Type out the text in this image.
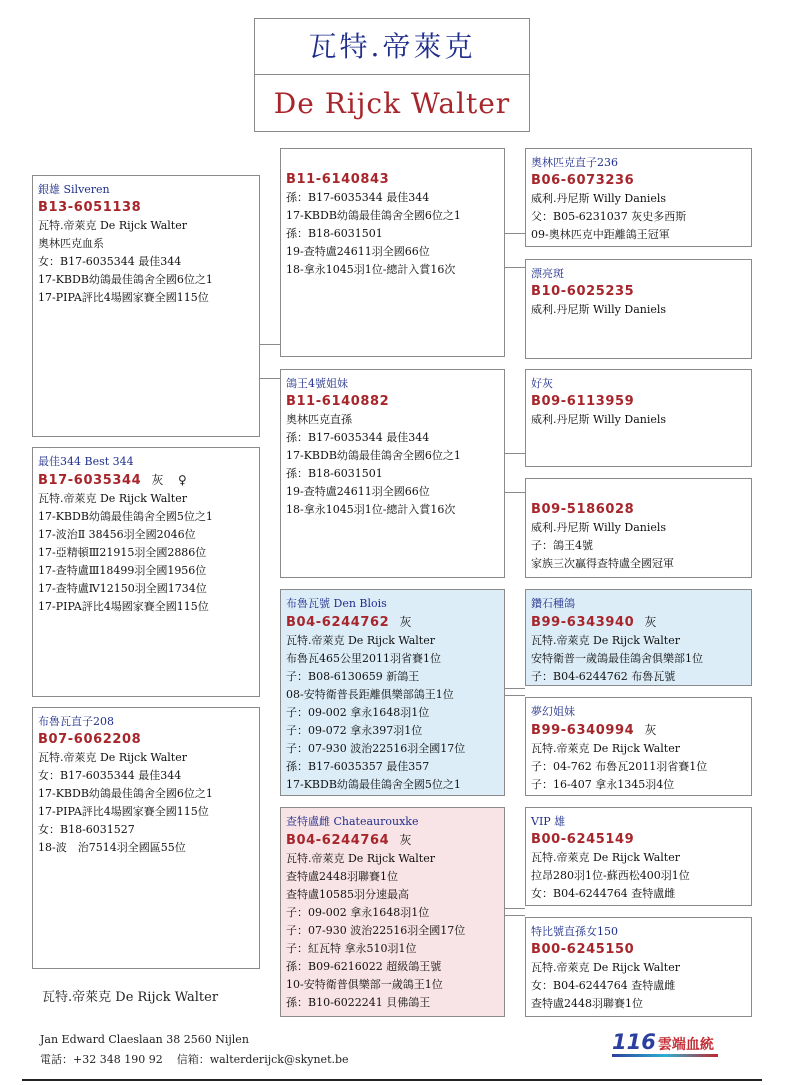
瓦特.帝萊克
De Rijck Walter
銀雄 Silveren
B13-6051138
瓦特.帝萊克 De Rijck Walter
奧林匹克血系
女：B17-6035344 最佳344
17-KBDB幼鴿最佳鴿舍全國6位之1
17-PIPA評比4場國家賽全國115位
最佳344 Best 344
B17-6035344 灰 ♀
瓦特.帝萊克 De Rijck Walter
17-KBDB幼鴿最佳鴿舍全國5位之1
17-波治Ⅱ 38456羽全國2046位
17-亞精頓Ⅲ21915羽全國2886位
17-查特盧Ⅲ18499羽全國1956位
17-查特盧Ⅳ12150羽全國1734位
17-PIPA評比4場國家賽全國115位
布魯瓦直子208
B07-6062208
瓦特.帝萊克 De Rijck Walter
女：B17-6035344 最佳344
17-KBDB幼鴿最佳鴿舍全國6位之1
17-PIPA評比4場國家賽全國115位
女：B18-6031527
18-波　治7514羽全國區55位
B11-6140843
孫：B17-6035344 最佳344
17-KBDB幼鴿最佳鴿舍全國6位之1
孫：B18-6031501
19-查特盧24611羽全國66位
18-拿永1045羽1位-總計入賞16次
鴿王4號姐妹
B11-6140882
奧林匹克直孫
孫：B17-6035344 最佳344
17-KBDB幼鴿最佳鴿舍全國6位之1
孫：B18-6031501
19-查特盧24611羽全國66位
18-拿永1045羽1位-總計入賞16次
布魯瓦號 Den Blois
B04-6244762 灰
瓦特.帝萊克 De Rijck Walter
布魯瓦465公里2011羽省賽1位
子：B08-6130659 新鴿王
08-安特衛普長距離俱樂部鴿王1位
子：09-002 拿永1648羽1位
子：09-072 拿永397羽1位
子：07-930 波治22516羽全國17位
孫：B17-6035357 最佳357
17-KBDB幼鴿最佳鴿舍全國5位之1
查特盧雌 Chateaurouxke
B04-6244764 灰
瓦特.帝萊克 De Rijck Walter
查特盧2448羽聯賽1位
查特盧10585羽分速最高
子：09-002 拿永1648羽1位
子：07-930 波治22516羽全國17位
子：紅瓦特 拿永510羽1位
孫：B09-6216022 超級鴿王號
10-安特衛普俱樂部一歲鴿王1位
孫：B10-6022241 貝佛鴿王
奧林匹克直子236
B06-6073236
威利.丹尼斯 Willy Daniels
父：B05-6231037 灰史多西斯
09-奧林匹克中距離鴿王冠軍
漂亮斑
B10-6025235
威利.丹尼斯 Willy Daniels
好灰
B09-6113959
威利.丹尼斯 Willy Daniels
B09-5186028
威利.丹尼斯 Willy Daniels
子：鴿王4號
家族三次贏得查特盧全國冠軍
鑽石種鴿
B99-6343940 灰
瓦特.帝萊克 De Rijck Walter
安特衛普一歲鴿最佳鴿舍俱樂部1位
子：B04-6244762 布魯瓦號
夢幻姐妹
B99-6340994 灰
瓦特.帝萊克 De Rijck Walter
子：04-762 布魯瓦2011羽省賽1位
子：16-407 拿永1345羽4位
VIP 雄
B00-6245149
瓦特.帝萊克 De Rijck Walter
拉昂280羽1位-蘇西松400羽1位
女：B04-6244764 查特盧雌
特比號直孫女150
B00-6245150
瓦特.帝萊克 De Rijck Walter
女：B04-6244764 查特盧雌
查特盧2448羽聯賽1位
瓦特.帝萊克 De Rijck Walter
Jan Edward Claeslaan 38 2560 Nijlen
電話：+32 348 190 92 信箱：walterderijck@skynet.be
116 雲端血統
